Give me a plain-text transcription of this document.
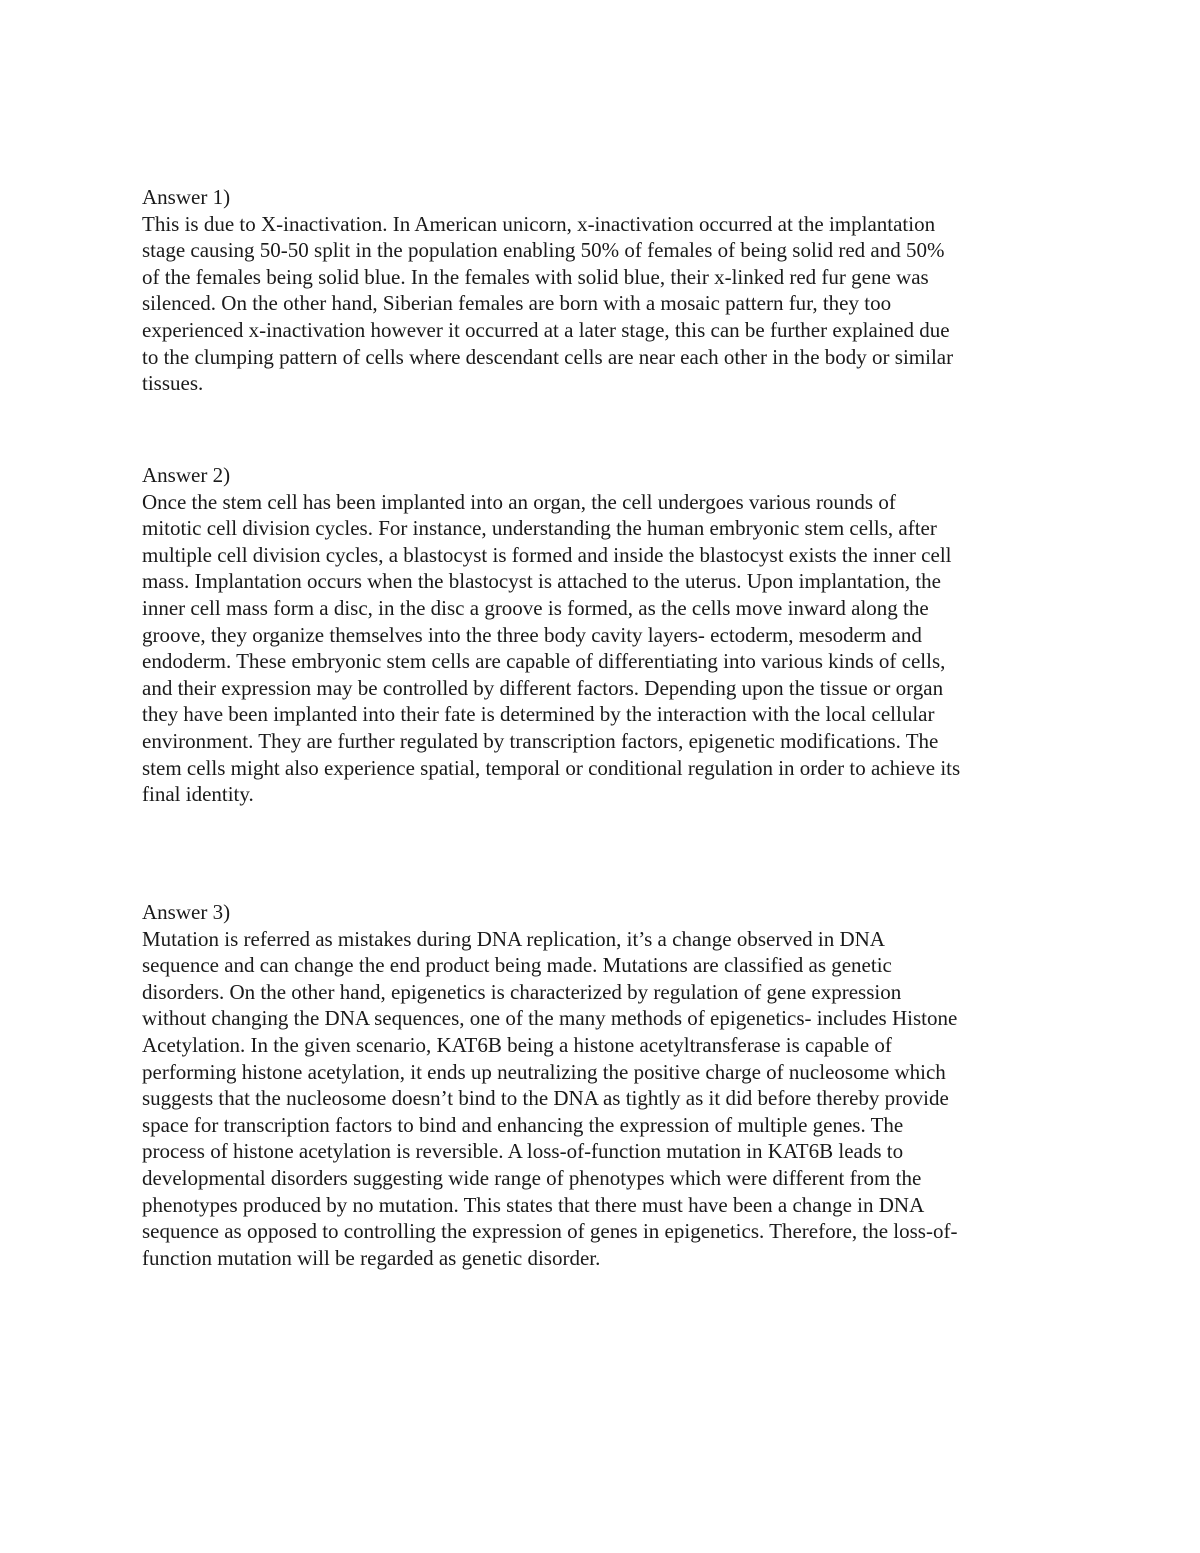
Answer 1)
This is due to X-inactivation. In American unicorn, x-inactivation occurred at the implantation
stage causing 50-50 split in the population enabling 50% of females of being solid red and 50%
of the females being solid blue. In the females with solid blue, their x-linked red fur gene was
silenced. On the other hand, Siberian females are born with a mosaic pattern fur, they too
experienced x-inactivation however it occurred at a later stage, this can be further explained due
to the clumping pattern of cells where descendant cells are near each other in the body or similar
tissues.
Answer 2)
Once the stem cell has been implanted into an organ, the cell undergoes various rounds of
mitotic cell division cycles. For instance, understanding the human embryonic stem cells, after
multiple cell division cycles, a blastocyst is formed and inside the blastocyst exists the inner cell
mass. Implantation occurs when the blastocyst is attached to the uterus. Upon implantation, the
inner cell mass form a disc, in the disc a groove is formed, as the cells move inward along the
groove, they organize themselves into the three body cavity layers- ectoderm, mesoderm and
endoderm. These embryonic stem cells are capable of differentiating into various kinds of cells,
and their expression may be controlled by different factors. Depending upon the tissue or organ
they have been implanted into their fate is determined by the interaction with the local cellular
environment. They are further regulated by transcription factors, epigenetic modifications. The
stem cells might also experience spatial, temporal or conditional regulation in order to achieve its
final identity.
Answer 3)
Mutation is referred as mistakes during DNA replication, it’s a change observed in DNA
sequence and can change the end product being made. Mutations are classified as genetic
disorders. On the other hand, epigenetics is characterized by regulation of gene expression
without changing the DNA sequences, one of the many methods of epigenetics- includes Histone
Acetylation. In the given scenario, KAT6B being a histone acetyltransferase is capable of
performing histone acetylation, it ends up neutralizing the positive charge of nucleosome which
suggests that the nucleosome doesn’t bind to the DNA as tightly as it did before thereby provide
space for transcription factors to bind and enhancing the expression of multiple genes. The
process of histone acetylation is reversible. A loss-of-function mutation in KAT6B leads to
developmental disorders suggesting wide range of phenotypes which were different from the
phenotypes produced by no mutation. This states that there must have been a change in DNA
sequence as opposed to controlling the expression of genes in epigenetics. Therefore, the loss-of-
function mutation will be regarded as genetic disorder.
